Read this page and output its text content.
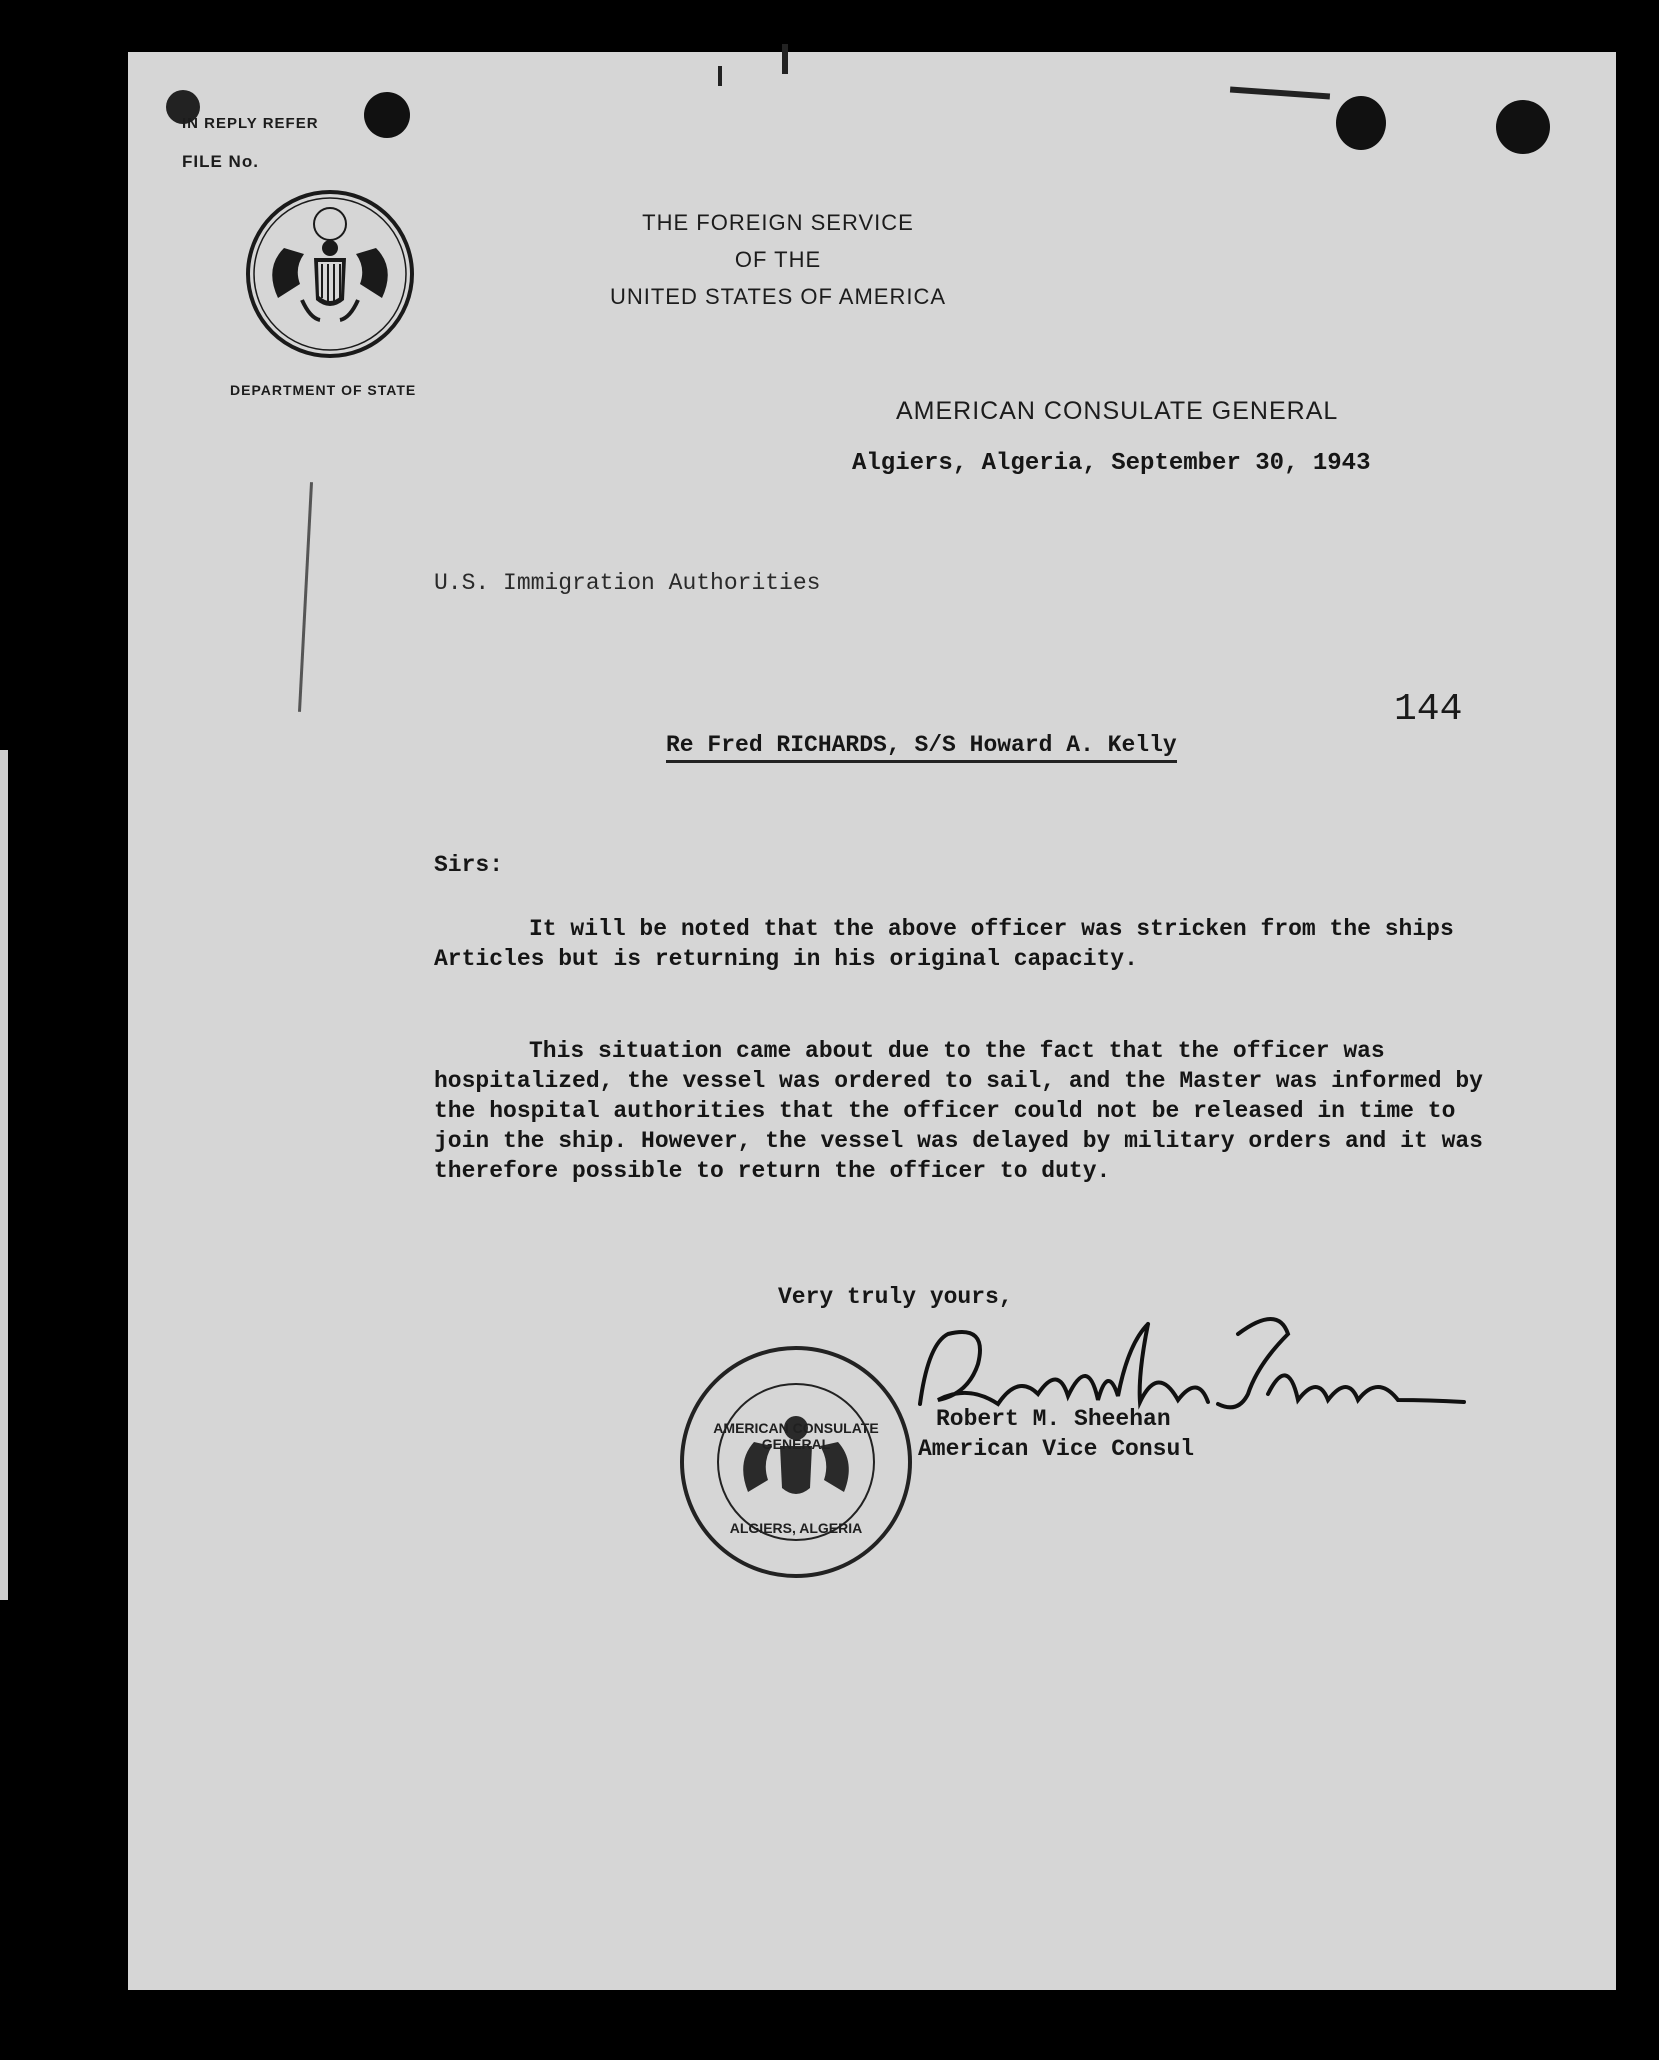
IN REPLY REFER
FILE No.
DEPARTMENT OF STATE
THE FOREIGN SERVICE
OF THE
UNITED STATES OF AMERICA
AMERICAN CONSULATE GENERAL
Algiers, Algeria, September 30, 1943
U.S. Immigration Authorities
144
Re Fred RICHARDS, S/S Howard A. Kelly
Sirs:

It will be noted that the above officer was stricken from the ships Articles but is returning in his original capacity.

This situation came about due to the fact that the officer was hospitalized, the vessel was ordered to sail, and the Master was informed by the hospital authorities that the officer could not be released in time to join the ship. However, the vessel was delayed by military orders and it was therefore possible to return the officer to duty.

Very truly yours,
AMERICAN CONSULATE GENERAL
ALGIERS, ALGERIA
Robert M. Sheehan
American Vice Consul
